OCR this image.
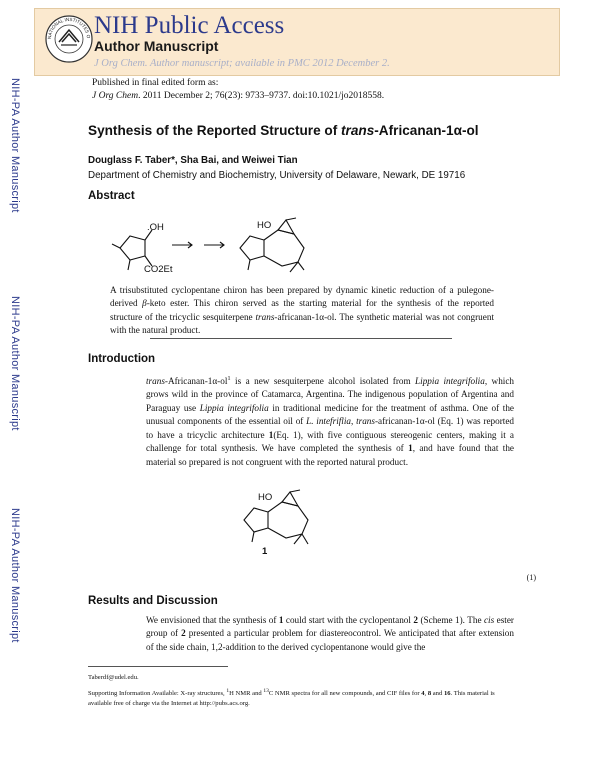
NATIONAL INSTITUTES O NIH Public Access
Author Manuscript
J Org Chem. Author manuscript; available in PMC 2012 December 2.
NIH-PA Author Manuscript
NIH-PA Author Manuscript
NIH-PA Author Manuscript
Published in final edited form as:
J Org Chem. 2011 December 2; 76(23): 9733–9737. doi:10.1021/jo2018558.
Synthesis of the Reported Structure of trans-Africanan-1α-ol
Douglass F. Taber*, Sha Bai, and Weiwei Tian
Department of Chemistry and Biochemistry, University of Delaware, Newark, DE 19716
Abstract
.OH
CO2Et
HO
A trisubstituted cyclopentane chiron has been prepared by dynamic kinetic reduction of a pulegone-derived β-keto ester. This chiron served as the starting material for the synthesis of the reported structure of the tricyclic sesquiterpene trans-africanan-1α-ol. The synthetic material was not congruent with the natural product.
Introduction
trans-$Africanan-1\alpha-ol^1$ is a new sesquiterpene alcohol isolated from Lippia integrifolia, which grows wild in the province of Catamarca, Argentina. The indigenous population of Argentina and Paraguay use Lippia integrifolia in traditional medicine for the treatment of asthma. One of the unusual components of the essential oil of L. intefriflia, trans-africanan-1α-ol (Eq. 1) was reported to have a tricyclic architecture 1(Eq. 1), with five contiguous stereogenic centers, making it a challenge for total synthesis. We have completed the synthesis of 1, and have found that the material so prepared is not congruent with the reported natural product.
HO
1
(1)
Results and Discussion
We envisioned that the synthesis of 1 could start with the cyclopentanol 2 (Scheme 1). The cis ester group of 2 presented a particular problem for diastereocontrol. We anticipated that after extension of the side chain, 1,2-addition to the derived cyclopentanone would give the
Taberdf@udel.edu.
Supporting Information Available: X-ray structures, $^1$H NMR and $^{13}$C NMR spectra for all new compounds, and CIF files for 4, 8 and 16. This material is available free of charge via the Internet at http://pubs.acs.org.
